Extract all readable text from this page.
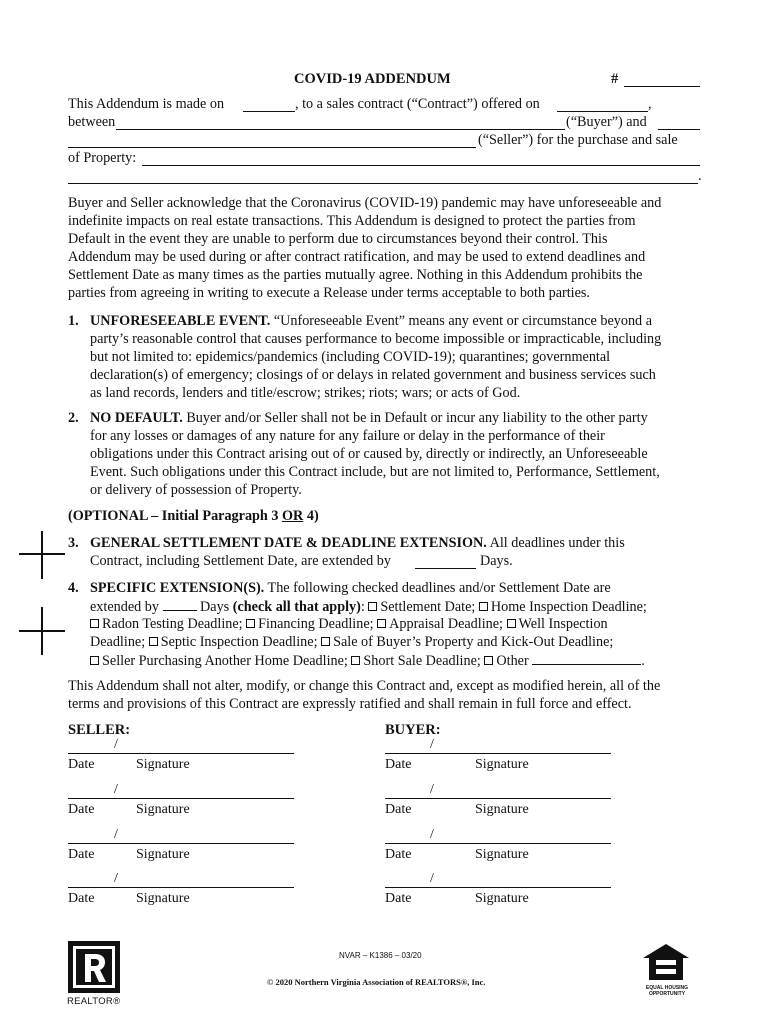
COVID-19 ADDENDUM	#
This Addendum is made on	, to a sales contract (“Contract”) offered on	,
between	(“Buyer”) and
(“Seller”) for the purchase and sale
of Property:
.
Buyer and Seller acknowledge that the Coronavirus (COVID-19) pandemic may have unforeseeable and
indefinite impacts on real estate transactions. This Addendum is designed to protect the parties from
Default in the event they are unable to perform due to circumstances beyond their control. This
Addendum may be used during or after contract ratification, and may be used to extend deadlines and
Settlement Date as many times as the parties mutually agree. Nothing in this Addendum prohibits the
parties from agreeing in writing to execute a Release under terms acceptable to both parties.
1. UNFORESEEABLE EVENT. “Unforeseeable Event” means any event or circumstance beyond a
party’s reasonable control that causes performance to become impossible or impracticable, including
but not limited to: epidemics/pandemics (including COVID-19); quarantines; governmental
declaration(s) of emergency; closings of or delays in related government and business services such
as land records, lenders and title/escrow; strikes; riots; wars; or acts of God.
2. NO DEFAULT. Buyer and/or Seller shall not be in Default or incur any liability to the other party
for any losses or damages of any nature for any failure or delay in the performance of their
obligations under this Contract arising out of or caused by, directly or indirectly, an Unforeseeable
Event. Such obligations under this Contract include, but are not limited to, Performance, Settlement,
or delivery of possession of Property.
(OPTIONAL – Initial Paragraph 3 OR 4)
3. GENERAL SETTLEMENT DATE & DEADLINE EXTENSION. All deadlines under this
Contract, including Settlement Date, are extended by	Days.
4. SPECIFIC EXTENSION(S). The following checked deadlines and/or Settlement Date are
extended by	Days (check all that apply): Settlement Date; Home Inspection Deadline;
Radon Testing Deadline; Financing Deadline; Appraisal Deadline; Well Inspection
Deadline; Septic Inspection Deadline; Sale of Buyer’s Property and Kick-Out Deadline;
Seller Purchasing Another Home Deadline; Short Sale Deadline; Other	.
This Addendum shall not alter, modify, or change this Contract and, except as modified herein, all of the
terms and provisions of this Contract are expressly ratified and shall remain in full force and effect.
SELLER:	BUYER:
/
Date	Signature
/
Date	Signature
/
Date	Signature
/
Date	Signature
/
Date	Signature
/
Date	Signature
/
Date	Signature
/
Date	Signature
REALTOR®
NVAR – K1386 – 03/20
© 2020 Northern Virginia Association of REALTORS®, Inc.
EQUAL HOUSING OPPORTUNITY
